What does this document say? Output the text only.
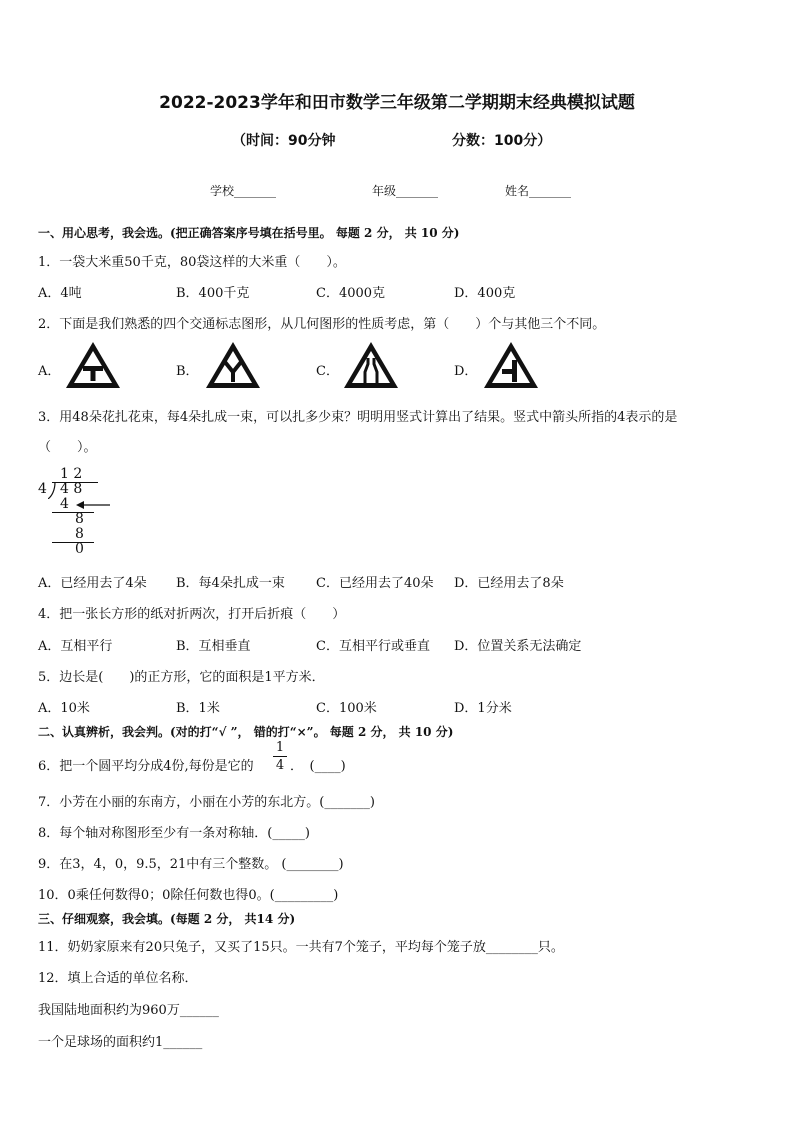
2022-2023学年和田市数学三年级第二学期期末经典模拟试题
（时间：90分钟	分数：100分）
学校_______	年级_______	姓名_______
一、用心思考，我会选。(把正确答案序号填在括号里。 每题 2 分， 共 10 分)
1．一袋大米重50千克，80袋这样的大米重（　　）。
A．4吨	B．400千克	C．4000克	D．400克
2．下面是我们熟悉的四个交通标志图形，从几何图形的性质考虑，第（　　）个与其他三个不同。
A．	B．	C．	D．
3．用48朵花扎花束，每4朵扎成一束，可以扎多少束？明明用竖式计算出了结果。竖式中箭头所指的4表示的是
（　　）。
1 2
4 4 8
4
8
8
0
A．已经用去了4朵 B．每4朵扎成一束 C．已经用去了40朵 D．已经用去了8朵
4．把一张长方形的纸对折两次，打开后折痕（　　）
A．互相平行	B．互相垂直	C．互相平行或垂直 D．位置关系无法确定
5．边长是(　　)的正方形，它的面积是1平方米．
A．10米	B．1米	C．100米	D．1分米
二、认真辨析，我会判。(对的打“√ ”， 错的打“×”。 每题 2 分， 共 10 分)
6．把一个圆平均分成4份,每份是它的
1
4 ．　(____)
7．小芳在小丽的东南方，小丽在小芳的东北方。(_______)
8．每个轴对称图形至少有一条对称轴．(_____)
9．在3，4，0，9.5，21中有三个整数。 (________)
10．0乘任何数得0；0除任何数也得0。(_________)
三、仔细观察，我会填。(每题 2 分， 共14 分)
11．奶奶家原来有20只兔子，又买了15只。一共有7个笼子，平均每个笼子放________只。
12．填上合适的单位名称．
我国陆地面积约为960万______
一个足球场的面积约1______
